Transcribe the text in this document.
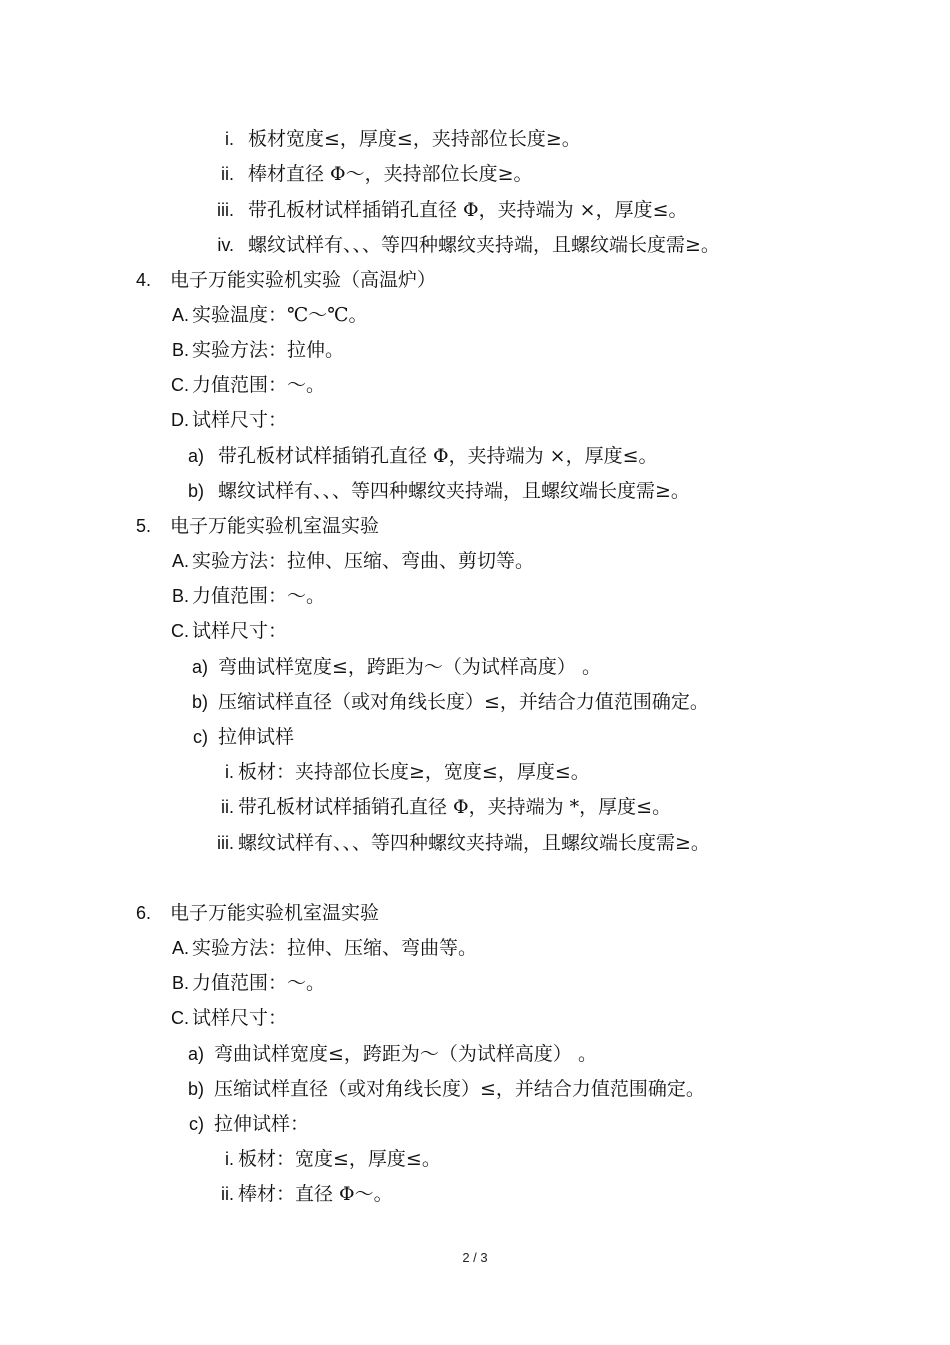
i. 板材宽度≤，厚度≤，夹持部位长度≥。
ii. 棒材直径 Φ～，夹持部位长度≥。
iii. 带孔板材试样插销孔直径 Φ，夹持端为 ×，厚度≤。
iv. 螺纹试样有、、、等四种螺纹夹持端，且螺纹端长度需≥。
4. 电子万能实验机实验（高温炉）
A. 实验温度：℃～℃。
B. 实验方法：拉伸。
C. 力值范围：～。
D. 试样尺寸：
a) 带孔板材试样插销孔直径 Φ，夹持端为 ×，厚度≤。
b) 螺纹试样有、、、等四种螺纹夹持端，且螺纹端长度需≥。
5. 电子万能实验机室温实验
A. 实验方法：拉伸、压缩、弯曲、剪切等。
B. 力值范围：～。
C. 试样尺寸：
a) 弯曲试样宽度≤，跨距为～（为试样高度） 。
b) 压缩试样直径（或对角线长度）≤，并结合力值范围确定。
c) 拉伸试样
i. 板材：夹持部位长度≥，宽度≤，厚度≤。
ii. 带孔板材试样插销孔直径 Φ，夹持端为 *，厚度≤。
iii. 螺纹试样有、、、等四种螺纹夹持端，且螺纹端长度需≥。
6. 电子万能实验机室温实验
A. 实验方法：拉伸、压缩、弯曲等。
B. 力值范围：～。
C. 试样尺寸：
a) 弯曲试样宽度≤，跨距为～（为试样高度） 。
b) 压缩试样直径（或对角线长度）≤，并结合力值范围确定。
c) 拉伸试样：
i. 板材：宽度≤，厚度≤。
ii. 棒材：直径 Φ～。
2 / 3
